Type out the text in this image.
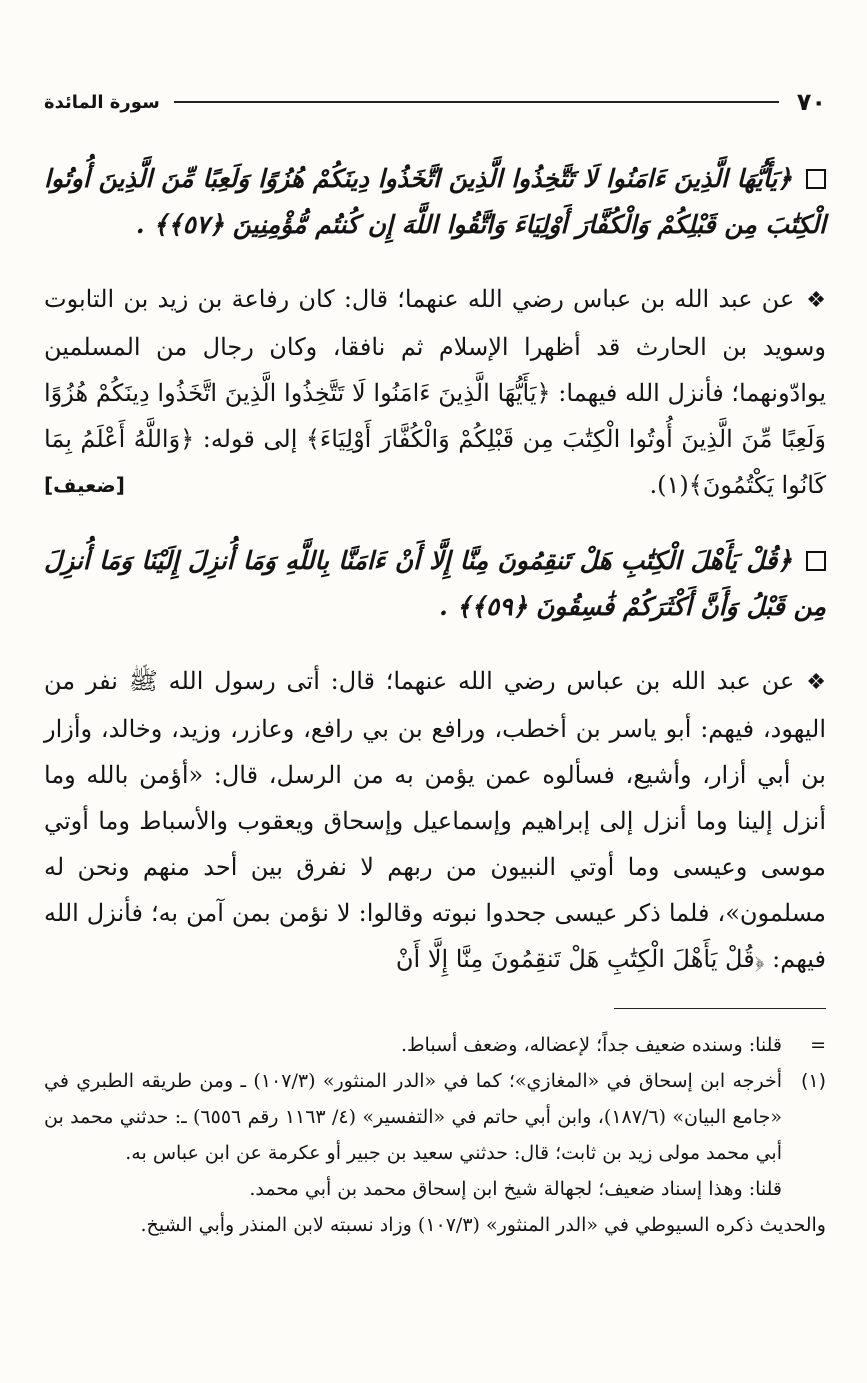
٧٠
سورة المائدة

﴿يَأَيُّهَا الَّذِينَ ءَامَنُوا لَا تَتَّخِذُوا الَّذِينَ اتَّخَذُوا دِينَكُمْ هُزُوًا وَلَعِبًا مِّنَ الَّذِينَ أُوتُوا الْكِتَٰبَ مِن قَبْلِكُمْ وَالْكُفَّارَ أَوْلِيَاءَ وَاتَّقُوا اللَّهَ إِن كُنتُم مُّؤْمِنِينَ ﴿٥٧﴾﴾ .

❖عن عبد الله بن عباس رضي الله عنهما؛ قال: كان رفاعة بن زيد بن التابوت وسويد بن الحارث قد أظهرا الإسلام ثم نافقا، وكان رجال من المسلمين يوادّونهما؛ فأنزل الله فيهما: ﴿يَأَيُّهَا الَّذِينَ ءَامَنُوا لَا تَتَّخِذُوا الَّذِينَ اتَّخَذُوا دِينَكُمْ هُزُوًا وَلَعِبًا مِّنَ الَّذِينَ أُوتُوا الْكِتَٰبَ مِن قَبْلِكُمْ وَالْكُفَّارَ أَوْلِيَاءَ﴾ إلى قوله: ﴿وَاللَّهُ أَعْلَمُ بِمَا كَانُوا يَكْتُمُونَ﴾(١).
[ضعيف]

﴿قُلْ يَأَهْلَ الْكِتَٰبِ هَلْ تَنقِمُونَ مِنَّا إِلَّا أَنْ ءَامَنَّا بِاللَّهِ وَمَا أُنزِلَ إِلَيْنَا وَمَا أُنزِلَ مِن قَبْلُ وَأَنَّ أَكْثَرَكُمْ فَٰسِقُونَ ﴿٥٩﴾﴾ .

❖عن عبد الله بن عباس رضي الله عنهما؛ قال: أتى رسول الله ﷺ نفر من اليهود، فيهم: أبو ياسر بن أخطب، ورافع بن بي رافع، وعازر، وزيد، وخالد، وأزار بن أبي أزار، وأشيع، فسألوه عمن يؤمن به من الرسل، قال: «أؤمن بالله وما أنزل إلينا وما أنزل إلى إبراهيم وإسماعيل وإسحاق ويعقوب والأسباط وما أوتي موسى وعيسى وما أوتي النبيون من ربهم لا نفرق بين أحد منهم ونحن له مسلمون»، فلما ذكر عيسى جحدوا نبوته وقالوا: لا نؤمن بمن آمن به؛ فأنزل الله فيهم: ﴿قُلْ يَأَهْلَ الْكِتَٰبِ هَلْ تَنقِمُونَ مِنَّا إِلَّا أَنْ

=
قلنا: وسنده ضعيف جداً؛ لإعضاله، وضعف أسباط.
(١)
أخرجه ابن إسحاق في «المغازي»؛ كما في «الدر المنثور» (١٠٧/٣) ـ ومن طريقه الطبري في «جامع البيان» (١٨٧/٦)، وابن أبي حاتم في «التفسير» (٤/ ١١٦٣ رقم ٦٥٥٦) ـ: حدثني محمد بن أبي محمد مولى زيد بن ثابت؛ قال: حدثني سعيد بن جبير أو عكرمة عن ابن عباس به.
قلنا: وهذا إسناد ضعيف؛ لجهالة شيخ ابن إسحاق محمد بن أبي محمد.
والحديث ذكره السيوطي في «الدر المنثور» (١٠٧/٣) وزاد نسبته لابن المنذر وأبي الشيخ.
